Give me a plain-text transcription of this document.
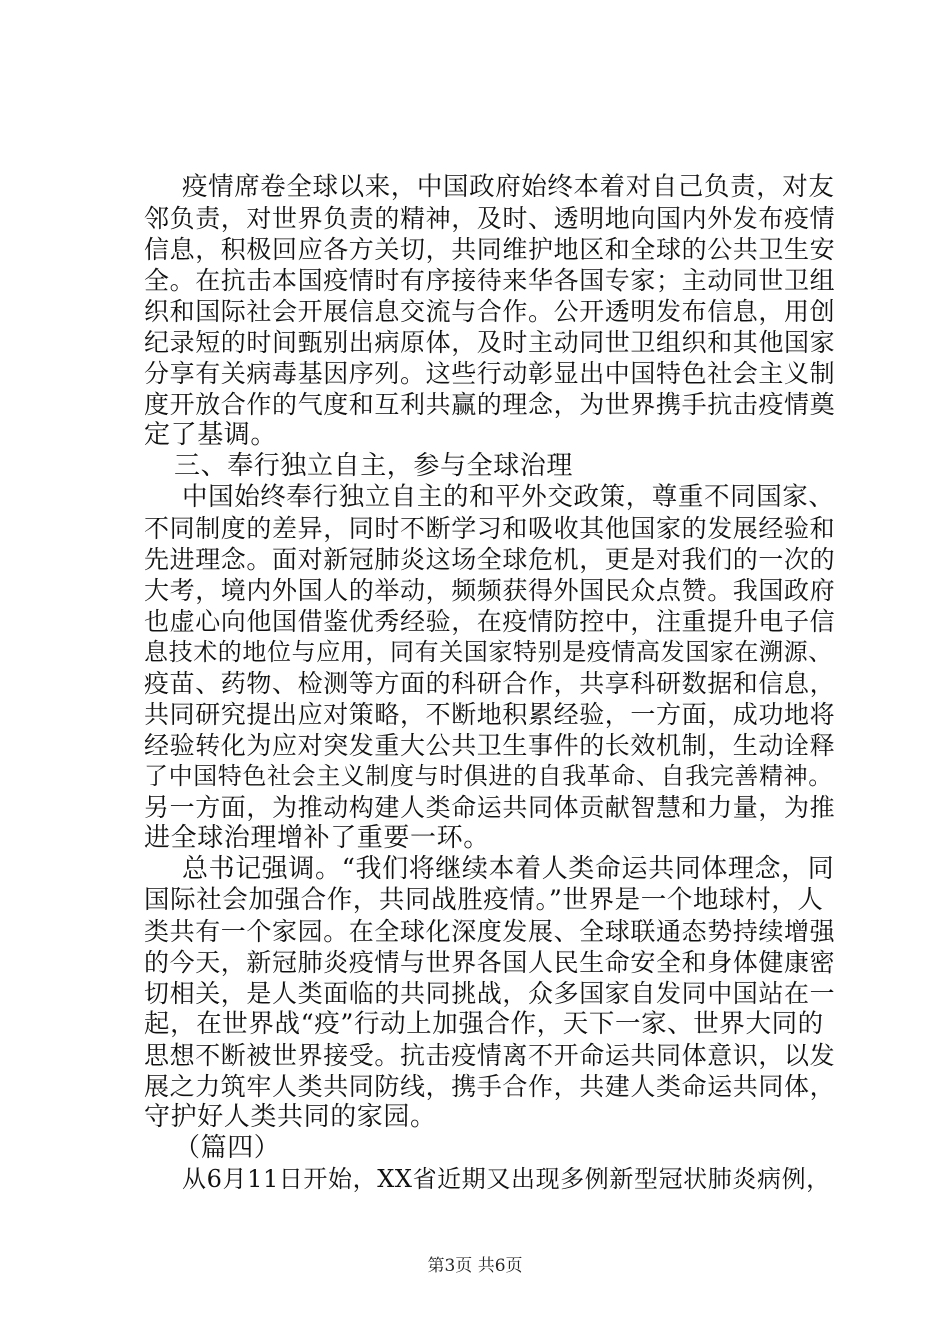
疫情席卷全球以来，中国政府始终本着对自己负责，对友
邻负责，对世界负责的精神，及时、透明地向国内外发布疫情
信息，积极回应各方关切，共同维护地区和全球的公共卫生安
全。在抗击本国疫情时有序接待来华各国专家；主动同世卫组
织和国际社会开展信息交流与合作。公开透明发布信息，用创
纪录短的时间甄别出病原体，及时主动同世卫组织和其他国家
分享有关病毒基因序列。这些行动彰显出中国特色社会主义制
度开放合作的气度和互利共赢的理念，为世界携手抗击疫情奠
定了基调。
三、奉行独立自主，参与全球治理
中国始终奉行独立自主的和平外交政策，尊重不同国家、
不同制度的差异，同时不断学习和吸收其他国家的发展经验和
先进理念。面对新冠肺炎这场全球危机，更是对我们的一次的
大考，境内外国人的举动，频频获得外国民众点赞。我国政府
也虚心向他国借鉴优秀经验，在疫情防控中，注重提升电子信
息技术的地位与应用，同有关国家特别是疫情高发国家在溯源、
疫苗、药物、检测等方面的科研合作，共享科研数据和信息，
共同研究提出应对策略，不断地积累经验，一方面，成功地将
经验转化为应对突发重大公共卫生事件的长效机制，生动诠释
了中国特色社会主义制度与时俱进的自我革命、自我完善精神。
另一方面，为推动构建人类命运共同体贡献智慧和力量，为推
进全球治理增补了重要一环。
总书记强调。“我们将继续本着人类命运共同体理念，同
国际社会加强合作，共同战胜疫情。”世界是一个地球村，人
类共有一个家园。在全球化深度发展、全球联通态势持续增强
的今天，新冠肺炎疫情与世界各国人民生命安全和身体健康密
切相关，是人类面临的共同挑战，众多国家自发同中国站在一
起，在世界战“疫”行动上加强合作，天下一家、世界大同的
思想不断被世界接受。抗击疫情离不开命运共同体意识，以发
展之力筑牢人类共同防线，携手合作，共建人类命运共同体，
守护好人类共同的家园。
（篇四）
从6月11日开始，XX省近期又出现多例新型冠状肺炎病例，
第3页 共6页
